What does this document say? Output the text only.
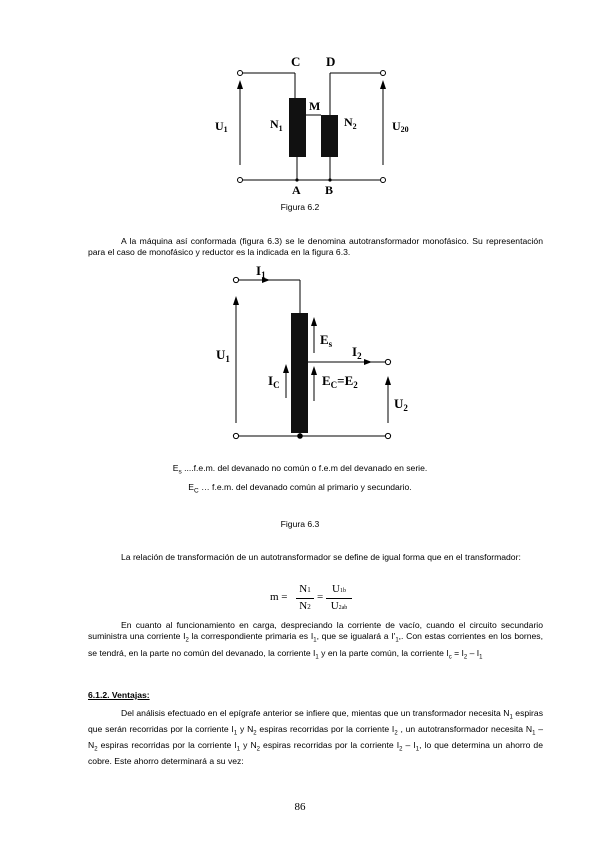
C D
M
$N_1$	$N_2$
U1	U20
A B
Figura 6.2
A la máquina así conformada (figura 6.3) se le denomina autotransformador monofásico. Su representación para el caso de monofásico y reductor es la indicada en la figura 6.3.
$I_1$
$E_s$ $I_2$
$U_1$
$I_C$	$E_C=E_2$
$U_2$
$E_s$ ....f.e.m. del devanado no común o f.e.m del devanado en serie.
$E_C$ … f.e.m. del devanado común al primario y secundario.
Figura 6.3
La relación de transformación de un autotransformador se define de igual forma que en el transformador:
m =
N1
N2
=
U1b
U2ab
En cuanto al funcionamiento en carga, despreciando la corriente de vacío, cuando el circuito secundario suministra una corriente $I_2$ la correspondiente primaria es $I_1$, que se igualará a $I'_1$,. Con estas corrientes en los bornes, se tendrá, en la parte no común del devanado, la corriente $I_1$ y en la parte común, la corriente $I_c = I_2 - I_1$
6.1.2. Ventajas:
Del análisis efectuado en el epígrafe anterior se infiere que, mientas que un transformador necesita $N_1$ espiras que serán recorridas por la corriente $I_1$ y $N_2$ espiras recorridas por la corriente $I_2$ , un autotransformador necesita $N_1 - N_2$ espiras recorridas por la corriente $I_1$ y $N_2$ espiras recorridas por la corriente $I_2 - I_1$, lo que determina un ahorro de cobre. Este ahorro determinará a su vez:
86
